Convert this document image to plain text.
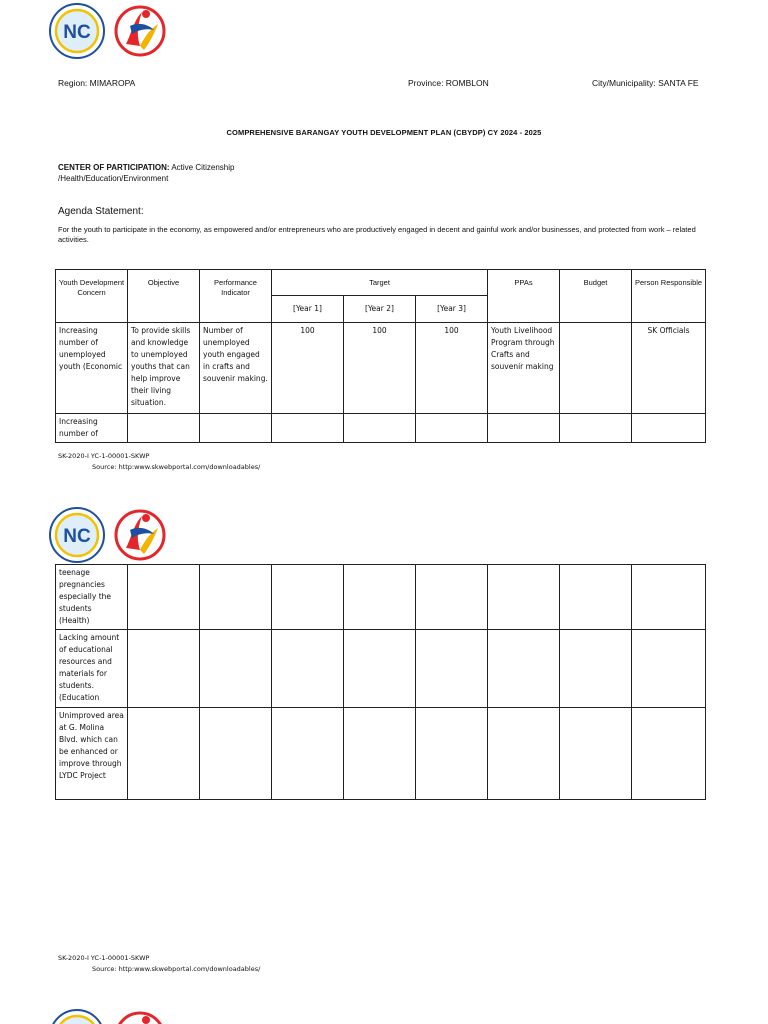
NC
Region: MIMAROPA	Province: ROMBLON	City/Municipality: SANTA FE
COMPREHENSIVE BARANGAY YOUTH DEVELOPMENT PLAN (CBYDP) CY 2024 - 2025
CENTER OF PARTICIPATION: Active Citizenship
/Health/Education/Environment
Agenda Statement:
For the youth to participate in the economy, as empowered and/or entrepreneurs who are productively engaged in decent and gainful work and/or businesses, and protected from work – related activities.
Youth Development Concern	Objective	Performance Indicator	Target			PPAs	Budget	Person Responsible
			[Year 1]	[Year 2]	[Year 3]			
Increasing number of unemployed youth (Economic	To provide skills and knowledge to unemployed youths that can help improve their living situation.	Number of unemployed youth engaged in crafts and souvenir making.	100	100	100	Youth Livelihood Program through Crafts and souvenir making		SK Officials
Increasing number of								
SK-2020-I YC-1-00001-SKWP
Source: http:www.skwebportal.com/downloadables/
NC
teenage pregnancies especially the students (Health)								
Lacking amount of educational resources and materials for students. (Education								
Unimproved area at G. Molina Blvd. which can be enhanced or improve through LYDC Project								
SK-2020-I YC-1-00001-SKWP
Source: http:www.skwebportal.com/downloadables/
